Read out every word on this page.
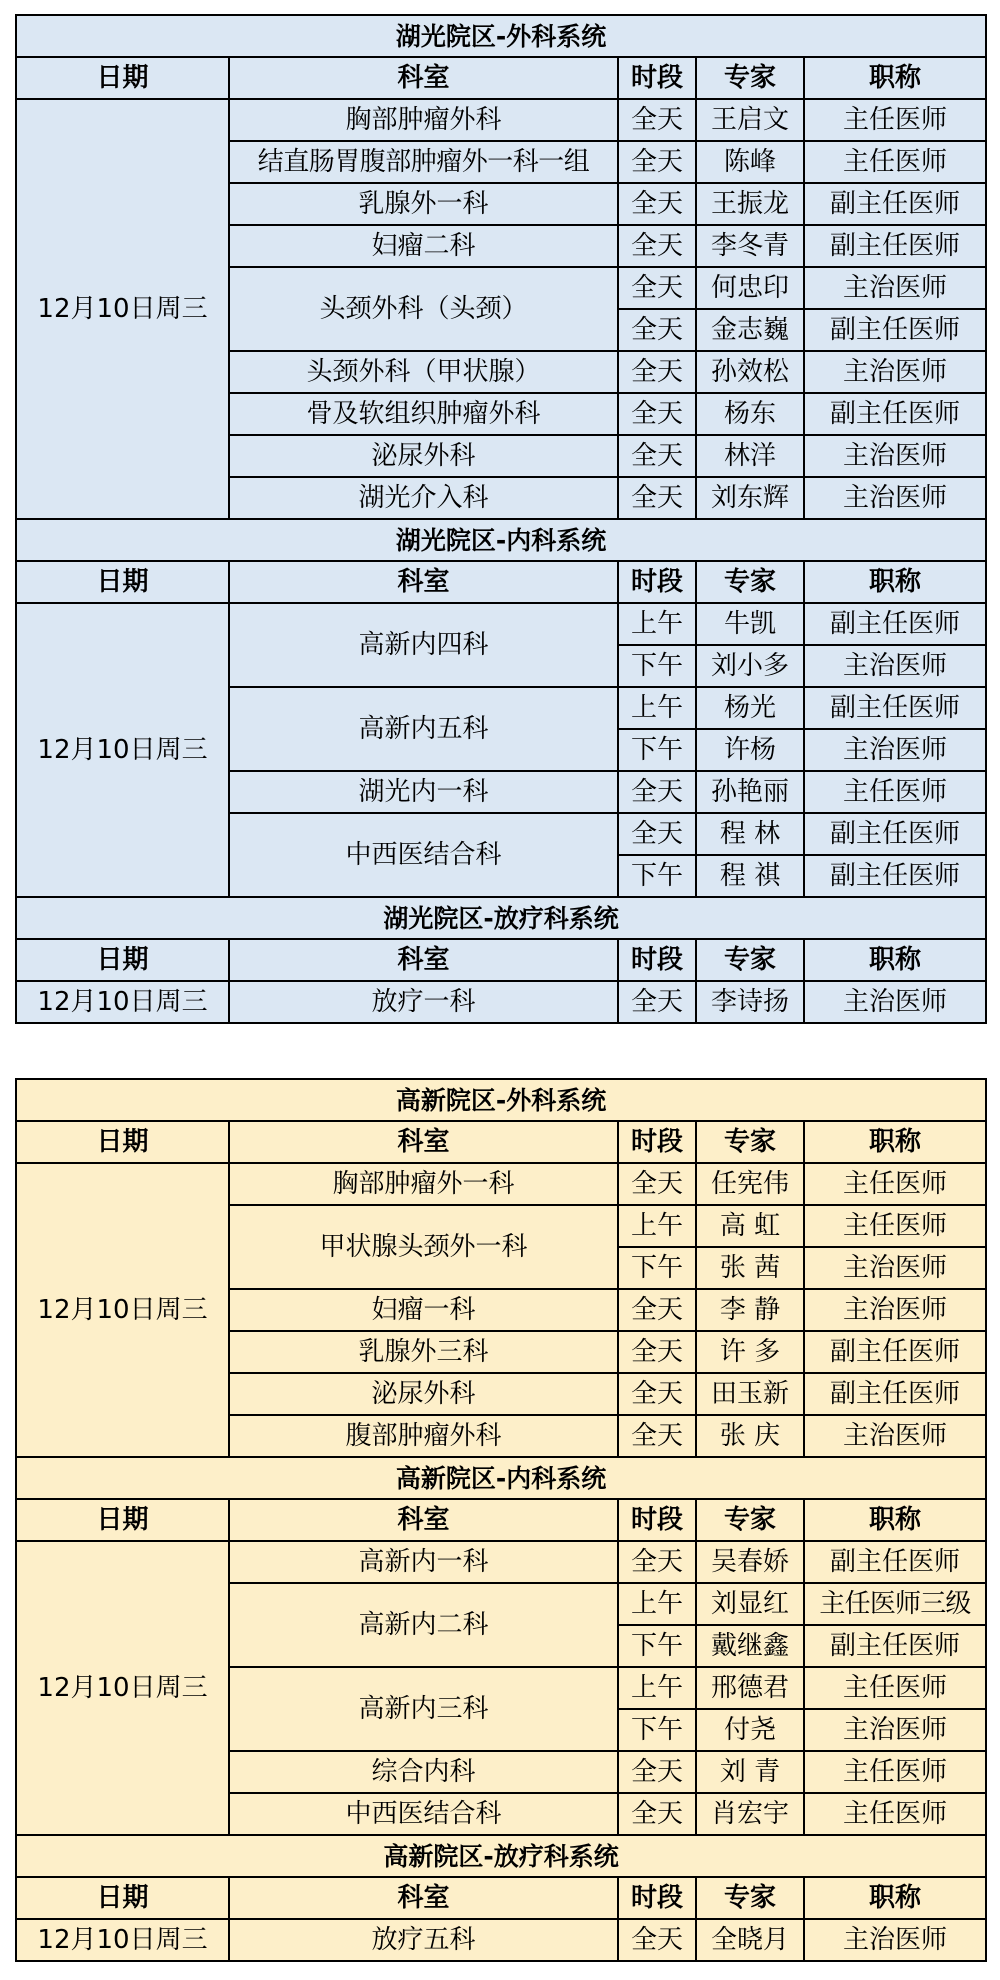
湖光院区-外科系统				
日期	科室	时段	专家	职称
12月10日周三	胸部肿瘤外科	全天	王启文	主任医师
	结直肠胃腹部肿瘤外一科一组	全天	陈峰	主任医师
	乳腺外一科	全天	王振龙	副主任医师
	妇瘤二科	全天	李冬青	副主任医师
	头颈外科（头颈）	全天	何忠印	主治医师
		全天	金志巍	副主任医师
	头颈外科（甲状腺）	全天	孙效松	主治医师
	骨及软组织肿瘤外科	全天	杨东	副主任医师
	泌尿外科	全天	林洋	主治医师
	湖光介入科	全天	刘东辉	主治医师
湖光院区-内科系统				
日期	科室	时段	专家	职称
12月10日周三	高新内四科	上午	牛凯	副主任医师
		下午	刘小多	主治医师
	高新内五科	上午	杨光	副主任医师
		下午	许杨	主治医师
	湖光内一科	全天	孙艳丽	主任医师
	中西医结合科	全天	程 林	副主任医师
		下午	程 祺	副主任医师
湖光院区-放疗科系统				
日期	科室	时段	专家	职称
12月10日周三	放疗一科	全天	李诗扬	主治医师
高新院区-外科系统				
日期	科室	时段	专家	职称
12月10日周三	胸部肿瘤外一科	全天	任宪伟	主任医师
	甲状腺头颈外一科	上午	高 虹	主任医师
		下午	张 茜	主治医师
	妇瘤一科	全天	李 静	主治医师
	乳腺外三科	全天	许 多	副主任医师
	泌尿外科	全天	田玉新	副主任医师
	腹部肿瘤外科	全天	张 庆	主治医师
高新院区-内科系统				
日期	科室	时段	专家	职称
12月10日周三	高新内一科	全天	吴春娇	副主任医师
	高新内二科	上午	刘显红	主任医师三级
		下午	戴继鑫	副主任医师
	高新内三科	上午	邢德君	主任医师
		下午	付尧	主治医师
	综合内科	全天	刘 青	主任医师
	中西医结合科	全天	肖宏宇	主任医师
高新院区-放疗科系统				
日期	科室	时段	专家	职称
12月10日周三	放疗五科	全天	全晓月	主治医师
